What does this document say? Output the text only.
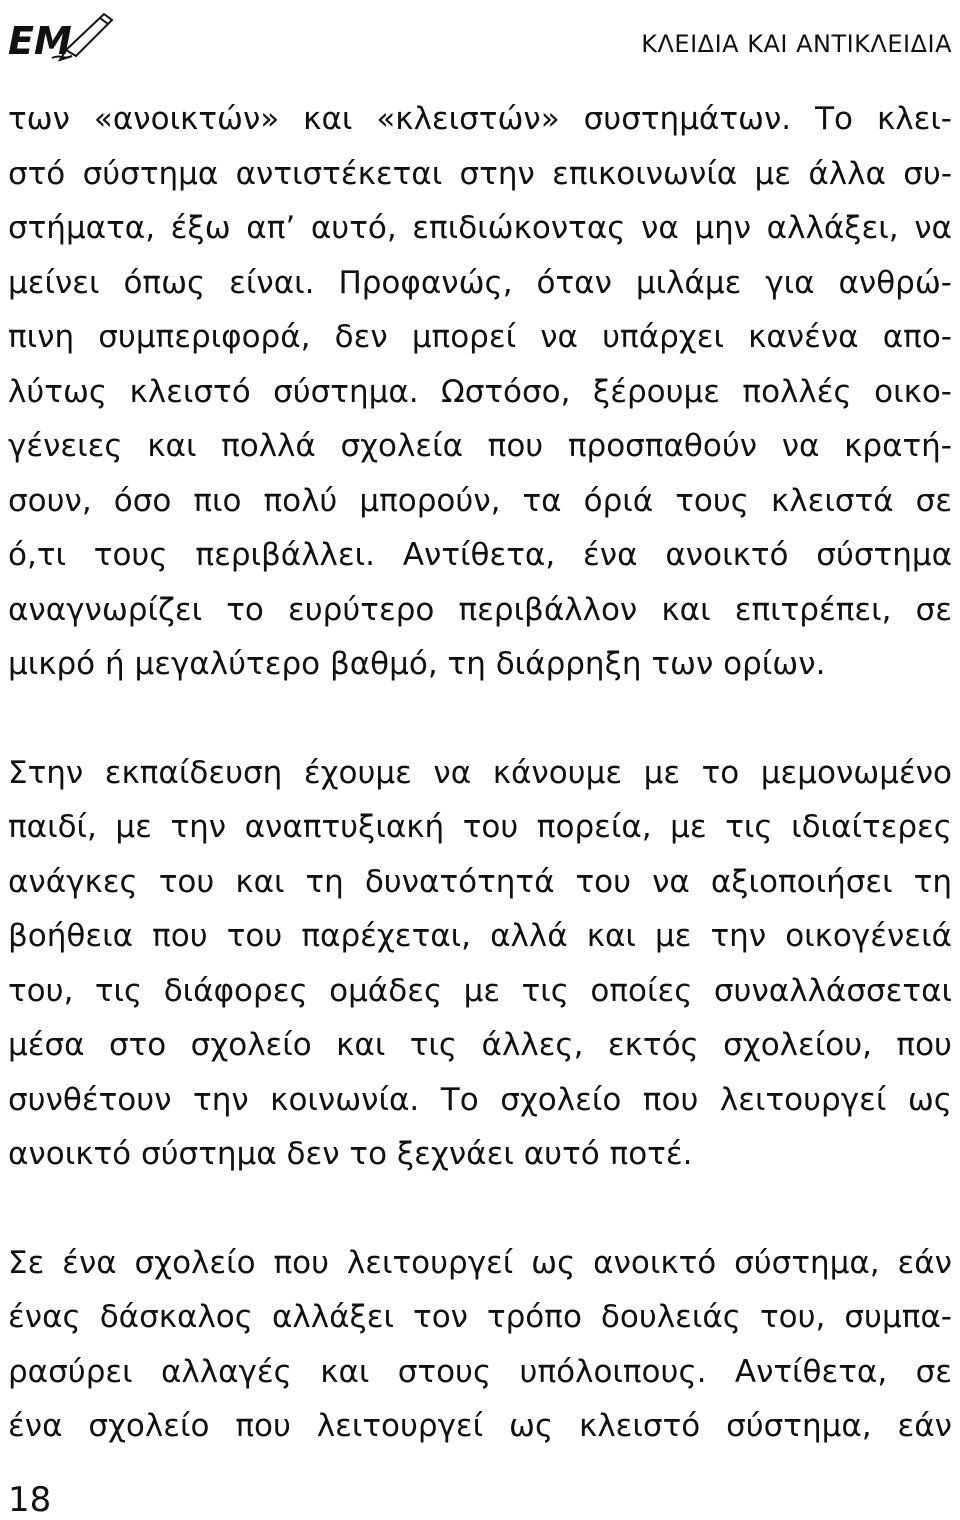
ΕΜ	ΚΛΕΙΔΙΑ ΚΑΙ ΑΝΤΙΚΛΕΙΔΙΑ

των «ανοικτών» και «κλειστών» συστημάτων. Το κλει-
στό σύστημα αντιστέκεται στην επικοινωνία με άλλα συ-
στήματα, έξω απ’ αυτό, επιδιώκοντας να μην αλλάξει, να
μείνει όπως είναι. Προφανώς, όταν μιλάμε για ανθρώ-
πινη συμπεριφορά, δεν μπορεί να υπάρχει κανένα απο-
λύτως κλειστό σύστημα. Ωστόσο, ξέρουμε πολλές οικο-
γένειες και πολλά σχολεία που προσπαθούν να κρατή-
σουν, όσο πιο πολύ μπορούν, τα όριά τους κλειστά σε
ό,τι τους περιβάλλει. Αντίθετα, ένα ανοικτό σύστημα
αναγνωρίζει το ευρύτερο περιβάλλον και επιτρέπει, σε
μικρό ή μεγαλύτερο βαθμό, τη διάρρηξη των ορίων.

Στην εκπαίδευση έχουμε να κάνουμε με το μεμονωμένο
παιδί, με την αναπτυξιακή του πορεία, με τις ιδιαίτερες
ανάγκες του και τη δυνατότητά του να αξιοποιήσει τη
βοήθεια που του παρέχεται, αλλά και με την οικογένειά
του, τις διάφορες ομάδες με τις οποίες συναλλάσσεται
μέσα στο σχολείο και τις άλλες, εκτός σχολείου, που
συνθέτουν την κοινωνία. Το σχολείο που λειτουργεί ως
ανοικτό σύστημα δεν το ξεχνάει αυτό ποτέ.

Σε ένα σχολείο που λειτουργεί ως ανοικτό σύστημα, εάν
ένας δάσκαλος αλλάξει τον τρόπο δουλειάς του, συμπα-
ρασύρει αλλαγές και στους υπόλοιπους. Αντίθετα, σε
ένα σχολείο που λειτουργεί ως κλειστό σύστημα, εάν

18
